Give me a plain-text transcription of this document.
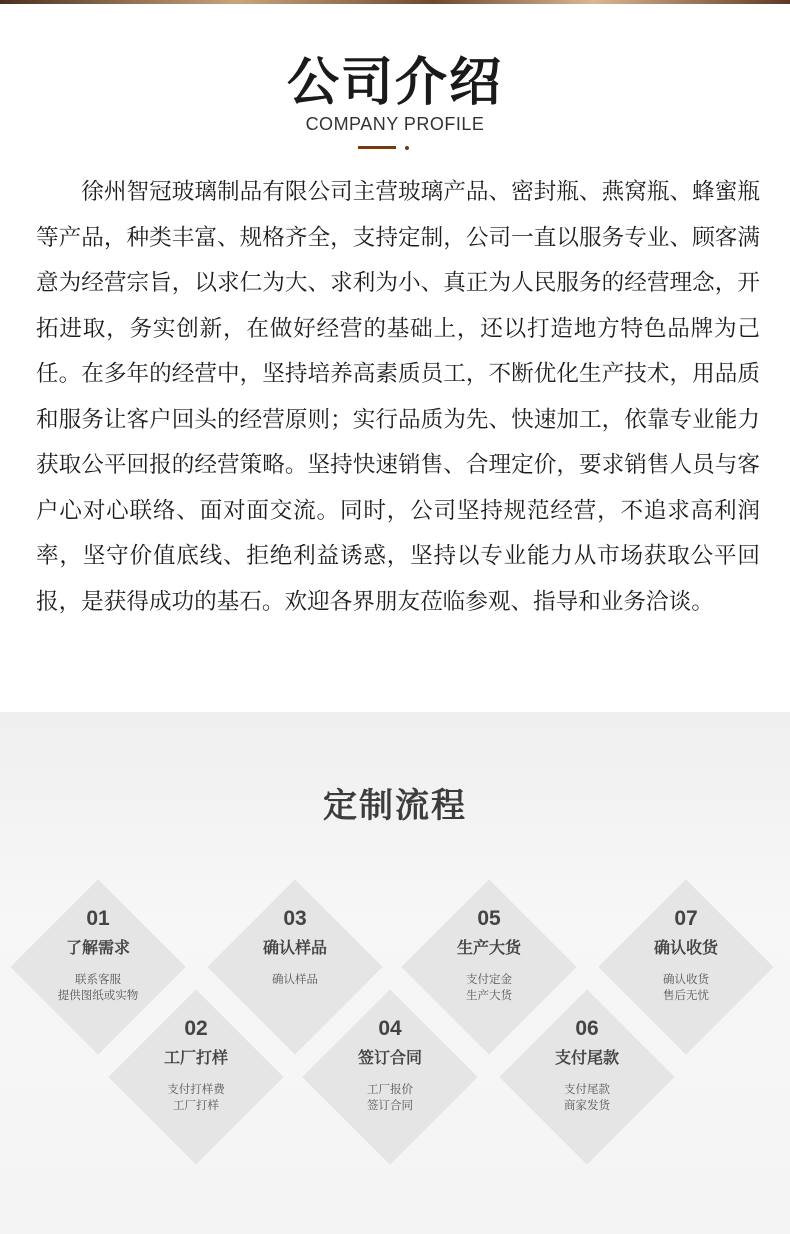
公司介绍
COMPANY PROFILE

徐州智冠玻璃制品有限公司主营玻璃产品、密封瓶、燕窝瓶、蜂蜜瓶等产品，种类丰富、规格齐全，支持定制，公司一直以服务专业、顾客满意为经营宗旨，以求仁为大、求利为小、真正为人民服务的经营理念，开拓进取，务实创新，在做好经营的基础上，还以打造地方特色品牌为己任。在多年的经营中，坚持培养高素质员工，不断优化生产技术，用品质和服务让客户回头的经营原则；实行品质为先、快速加工，依靠专业能力获取公平回报的经营策略。坚持快速销售、合理定价，要求销售人员与客户心对心联络、面对面交流。同时，公司坚持规范经营，不追求高利润率，坚守价值底线、拒绝利益诱惑，坚持以专业能力从市场获取公平回报，是获得成功的基石。欢迎各界朋友莅临参观、指导和业务洽谈。

定制流程
01
了解需求
联系客服
提供图纸或实物
02
工厂打样
支付打样费
工厂打样
03
确认样品
确认样品
04
签订合同
工厂报价
签订合同
05
生产大货
支付定金
生产大货
06
支付尾款
支付尾款
商家发货
07
确认收货
确认收货
售后无忧
